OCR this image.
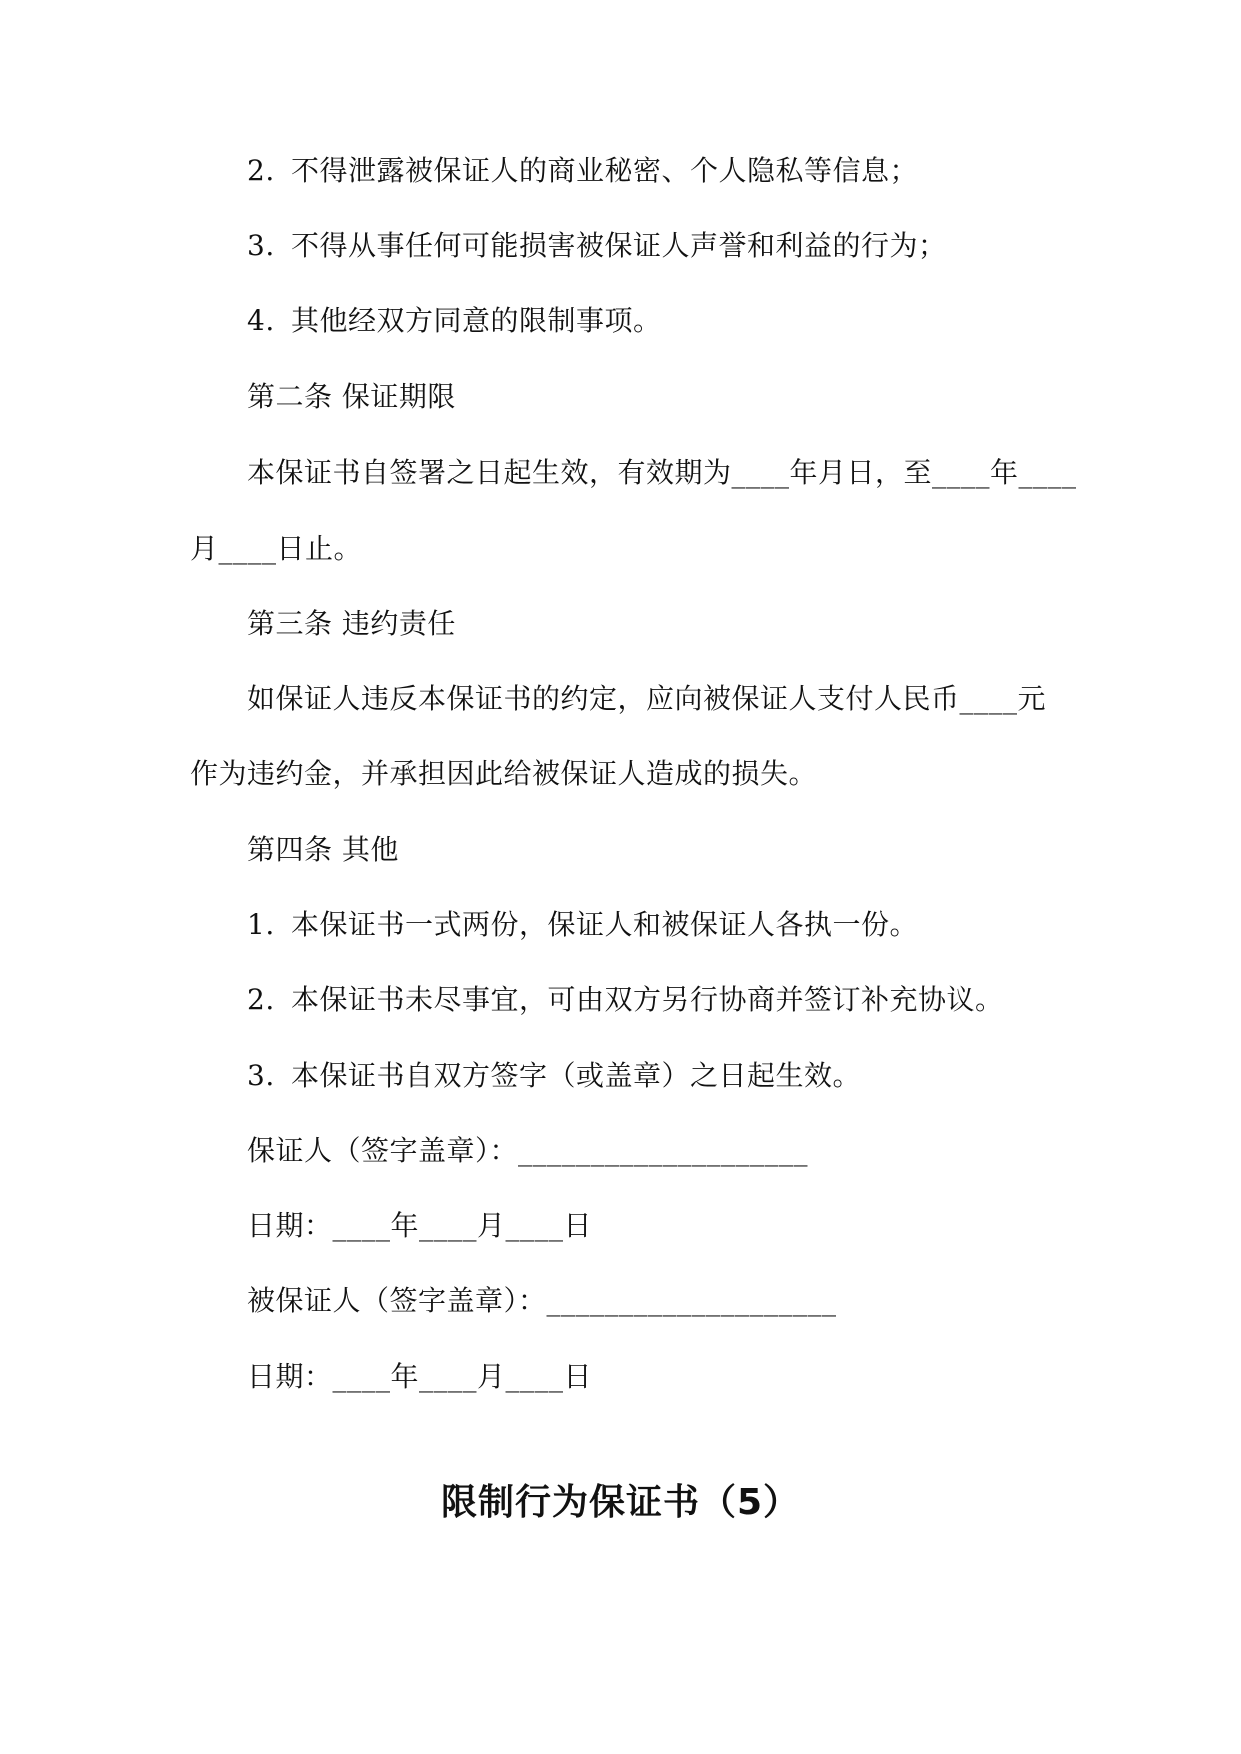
2. 不得泄露被保证人的商业秘密、个人隐私等信息；
3. 不得从事任何可能损害被保证人声誉和利益的行为；
4. 其他经双方同意的限制事项。
第二条 保证期限
本保证书自签署之日起生效，有效期为____年月日，至____年____
月____日止。
第三条 违约责任
如保证人违反本保证书的约定，应向被保证人支付人民币____元
作为违约金，并承担因此给被保证人造成的损失。
第四条 其他
1. 本保证书一式两份，保证人和被保证人各执一份。
2. 本保证书未尽事宜，可由双方另行协商并签订补充协议。
3. 本保证书自双方签字（或盖章）之日起生效。
保证人（签字盖章）：____________________
日期：____年____月____日
被保证人（签字盖章）：____________________
日期：____年____月____日
限制行为保证书（5）
